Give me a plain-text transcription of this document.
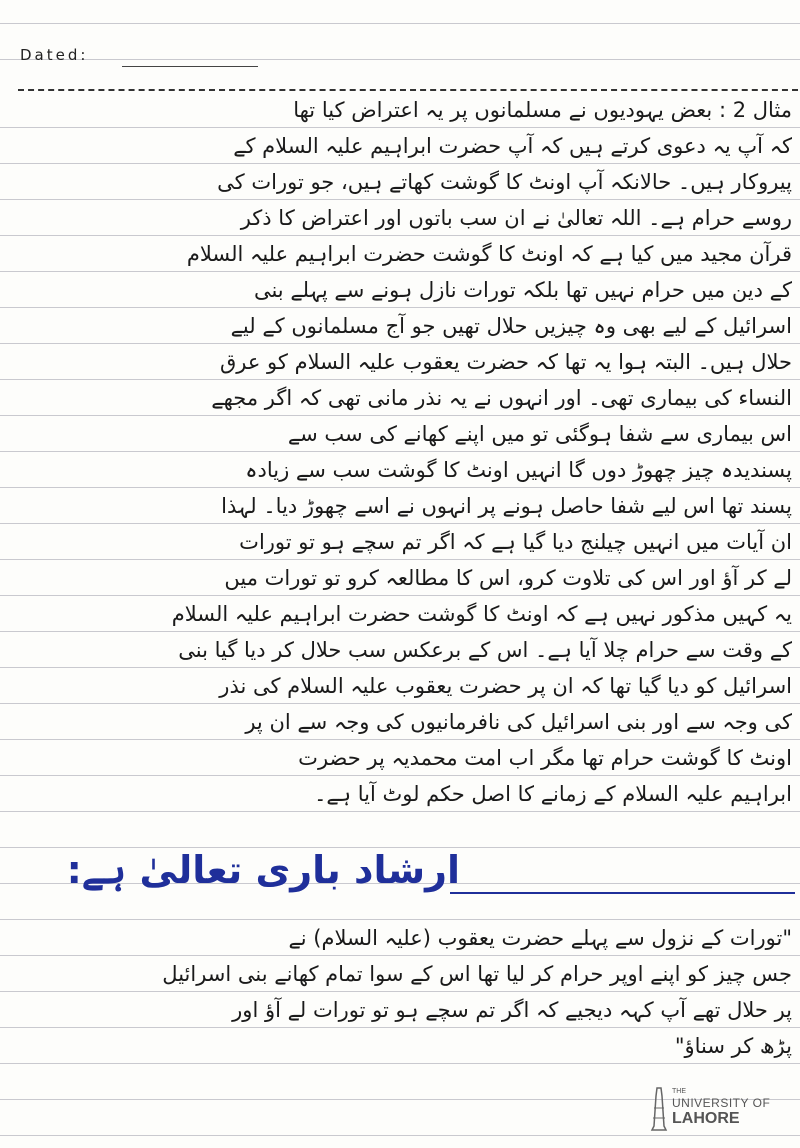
Dated:
مثال 2 : بعض یہودیوں نے مسلمانوں پر یہ اعتراض کیا تھا
کہ آپ یہ دعوی کرتے ہیں کہ آپ حضرت ابراہیم علیہ السلام کے
پیروکار ہیں۔ حالانکہ آپ اونٹ کا گوشت کھاتے ہیں، جو تورات کی
روسے حرام ہے۔ اللہ تعالیٰ نے ان سب باتوں اور اعتراض کا ذکر
قرآن مجید میں کیا ہے کہ اونٹ کا گوشت حضرت ابراہیم علیہ السلام
کے دین میں حرام نہیں تھا بلکہ تورات نازل ہونے سے پہلے بنی
اسرائیل کے لیے بھی وہ چیزیں حلال تھیں جو آج مسلمانوں کے لیے
حلال ہیں۔ البتہ ہوا یہ تھا کہ حضرت یعقوب علیہ السلام کو عرق
النساء کی بیماری تھی۔ اور انہوں نے یہ نذر مانی تھی کہ اگر مجھے
اس بیماری سے شفا ہوگئی تو میں اپنے کھانے کی سب سے
پسندیدہ چیز چھوڑ دوں گا انہیں اونٹ کا گوشت سب سے زیادہ
پسند تھا اس لیے شفا حاصل ہونے پر انہوں نے اسے چھوڑ دیا۔ لہذا
ان آیات میں انہیں چیلنج دیا گیا ہے کہ اگر تم سچے ہو تو تورات
لے کر آؤ اور اس کی تلاوت کرو، اس کا مطالعہ کرو تو تورات میں
یہ کہیں مذکور نہیں ہے کہ اونٹ کا گوشت حضرت ابراہیم علیہ السلام
کے وقت سے حرام چلا آیا ہے۔ اس کے برعکس سب حلال کر دیا گیا بنی
اسرائیل کو دیا گیا تھا کہ ان پر حضرت یعقوب علیہ السلام کی نذر
کی وجہ سے اور بنی اسرائیل کی نافرمانیوں کی وجہ سے ان پر
اونٹ کا گوشت حرام تھا مگر اب امت محمدیہ پر حضرت
ابراہیم علیہ السلام کے زمانے کا اصل حکم لوٹ آیا ہے۔
ارشاد باری تعالیٰ ہے:
"تورات کے نزول سے پہلے حضرت یعقوب (علیہ السلام) نے
جس چیز کو اپنے اوپر حرام کر لیا تھا اس کے سوا تمام کھانے بنی اسرائیل
پر حلال تھے آپ کہہ دیجیے کہ اگر تم سچے ہو تو تورات لے آؤ اور
پڑھ کر سناؤ"
THE
UNIVERSITY OF
LAHORE
